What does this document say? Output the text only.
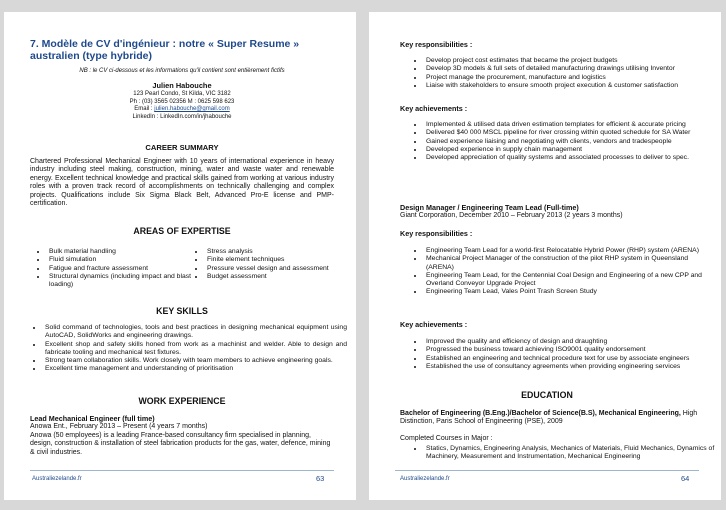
7. Modèle de CV d'ingénieur : notre « Super Resume » australien (type hybride)
NB : le CV ci-dessous et les informations qu'il contient sont entièrement fictifs
Julien Habouche
123 Pearl Condo, St Kilda, VIC 3182
Ph : (03) 3565 02356 M : 0625 598 623
Email : julien.habouche@gmail.com
LinkedIn : LinkedIn.com/in/jhabouche
CAREER SUMMARY
Chartered Professional Mechanical Engineer with 10 years of international experience in heavy industry including steel making, construction, mining, water and waste water and renewable energy. Excellent technical knowledge and practical skills gained from working at various industry roles with a proven track record of accomplishments on technically challenging and complex projects. Qualifications include Six Sigma Black Belt, Advanced Pro-E license and PMP-certification.
AREAS OF EXPERTISE
• Bulk material handling
• Fluid simulation
• Fatigue and fracture assessment
• Structural dynamics (including impact and blast loading)
• Stress analysis
• Finite element techniques
• Pressure vessel design and assessment
• Budget assessment
KEY SKILLS
• Solid command of technologies, tools and best practices in designing mechanical equipment using AutoCAD, SolidWorks and engineering drawings.
• Excellent shop and safety skills honed from work as a machinist and welder. Able to design and fabricate tooling and mechanical test fixtures.
• Strong team collaboration skills. Work closely with team members to achieve engineering goals.
• Excellent time management and understanding of prioritisation
WORK EXPERIENCE
Lead Mechanical Engineer (full time)
Anowa Ent., February 2013 – Present (4 years 7 months)
Anowa (50 employees) is a leading France-based consultancy firm specialised in planning, design, construction & installation of steel fabrication products for the gas, water, defence, mining & civil industries.
Australiezelande.fr	63
Key responsibilities :
• Develop project cost estimates that became the project budgets
• Develop 3D models & full sets of detailed manufacturing drawings utilising Inventor
• Project manage the procurement, manufacture and logistics
• Liaise with stakeholders to ensure smooth project execution & customer satisfaction
Key achievements :
• Implemented & utilised data driven estimation templates for efficient & accurate pricing
• Delivered $40 000 MSCL pipeline for river crossing within quoted schedule for SA Water
• Gained experience liaising and negotiating with clients, vendors and tradespeople
• Developed experience in supply chain management
• Developed appreciation of quality systems and associated processes to deliver to spec.
Design Manager / Engineering Team Lead (Full-time)
Giant Corporation, December 2010 – February 2013 (2 years 3 months)
Key responsibilities :
• Engineering Team Lead for a world-first Relocatable Hybrid Power (RHP) system (ARENA)
• Mechanical Project Manager of the construction of the pilot RHP system in Queensland (ARENA)
• Engineering Team Lead, for the Centennial Coal Design and Engineering of a new CPP and Overland Conveyor Upgrade Project
• Engineering Team Lead, Vales Point Trash Screen Study
Key achievements :
• Improved the quality and efficiency of design and draughting
• Progressed the business toward achieving ISO9001 quality endorsement
• Established an engineering and technical procedure text for use by associate engineers
• Established the use of consultancy agreements when providing engineering services
EDUCATION
Bachelor of Engineering (B.Eng.)/Bachelor of Science(B.S), Mechanical Engineering, High Distinction, Paris School of Engineering (PSE), 2009
Completed Courses in Major :
• Statics, Dynamics, Engineering Analysis, Mechanics of Materials, Fluid Mechanics, Dynamics of Machinery, Measurement and Instrumentation, Mechanical Engineering
Australiezelande.fr	64
